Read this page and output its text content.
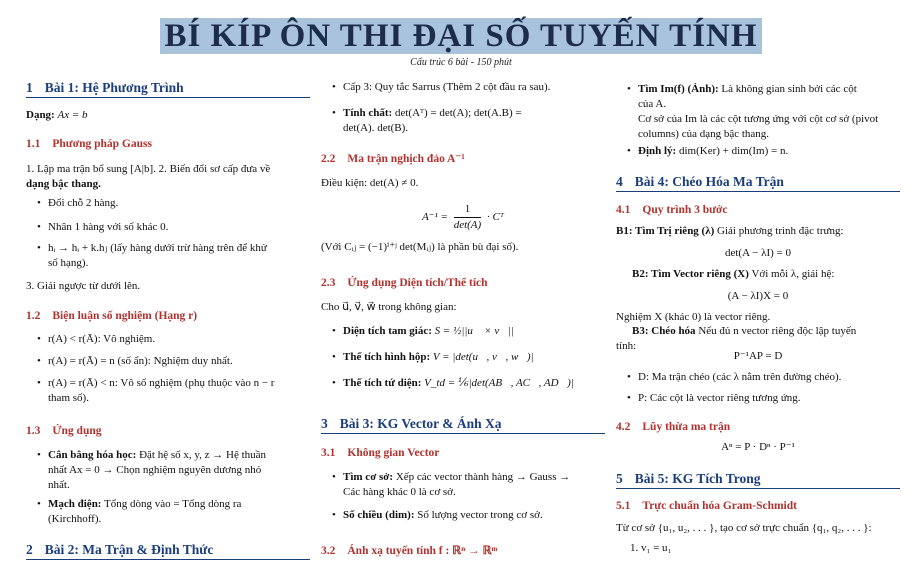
BÍ KÍP ÔN THI ĐẠI SỐ TUYẾN TÍNH
Cấu trúc 6 bài - 150 phút
1 Bài 1: Hệ Phương Trình

Dạng: Ax = b

1.1 Phương pháp Gauss

1. Lập ma trận bổ sung [A|b]. 2. Biến đổi sơ cấp đưa về
dạng bậc thang.

• Đổi chỗ 2 hàng.
• Nhân 1 hàng với số khác 0.
• hᵢ → hᵢ + k.hⱼ (lấy hàng dưới trừ hàng trên để khử
số hạng).

3. Giải ngược từ dưới lên.

1.2 Biện luận số nghiệm (Hạng r)
• r(A) < r(Ā): Vô nghiệm.
• r(A) = r(Ā) = n (số ẩn): Nghiệm duy nhất.
• r(A) = r(Ā) < n: Vô số nghiệm (phụ thuộc vào n − r
tham số).
1.3 Ứng dụng
• Cân bằng hóa học: Đặt hệ số x, y, z → Hệ thuần
nhất Ax = 0 → Chọn nghiệm nguyên dương nhỏ
nhất.
• Mạch điện: Tổng dòng vào = Tổng dòng ra
(Kirchhoff).
2 Bài 2: Ma Trận & Định Thức
• Cấp 3: Quy tắc Sarrus (Thêm 2 cột đầu ra sau).
• Tính chất: det(Aᵀ) = det(A); det(A.B) =
det(A). det(B).
2.2 Ma trận nghịch đảo A⁻¹

Điều kiện: det(A) ≠ 0.

A⁻¹ =
1
det(A)
· Cᵀ

(Với Cᵢⱼ = (−1)ⁱ⁺ʲ det(Mᵢⱼ) là phần bù đại số).

2.3 Ứng dụng Diện tích/Thể tích

Cho u⃗, v⃗, w⃗ trong không gian:

• Diện tích tam giác: S = ½||u⃗ × v⃗||
• Thể tích hình hộp: V = |det(u⃗, v⃗, w⃗)|
• Thể tích tứ diện: V_td = ⅙|det(AB⃗, AC⃗, AD⃗)|
3 Bài 3: KG Vector & Ánh Xạ
3.1 Không gian Vector
• Tìm cơ sở: Xếp các vector thành hàng → Gauss →
Các hàng khác 0 là cơ sở.
• Số chiều (dim): Số lượng vector trong cơ sở.
3.2 Ánh xạ tuyến tính f : ℝⁿ → ℝᵐ
• Tìm Im(f) (Ảnh): Là không gian sinh bởi các cột
của A.
Cơ sở của Im là các cột tương ứng với cột cơ sở (pivot
columns) của dạng bậc thang.
• Định lý: dim(Ker) + dim(Im) = n.
4 Bài 4: Chéo Hóa Ma Trận
4.1 Quy trình 3 bước

B1: Tìm Trị riêng (λ) Giải phương trình đặc trưng:

det(A − λI) = 0

B2: Tìm Vector riêng (X) Với mỗi λ, giải hệ:

(A − λI)X = 0

Nghiệm X (khác 0) là vector riêng.

B3: Chéo hóa Nếu đủ n vector riêng độc lập tuyến
tính:

P⁻¹AP = D

• D: Ma trận chéo (các λ nằm trên đường chéo).
• P: Các cột là vector riêng tương ứng.
4.2 Lũy thừa ma trận

Aⁿ = P · Dⁿ · P⁻¹

5 Bài 5: KG Tích Trong
5.1 Trực chuẩn hóa Gram-Schmidt

Từ cơ sở {u₁, u₂, . . . }, tạo cơ sở trực chuẩn {q₁, q₂, . . . }:

1. v₁ = u₁
